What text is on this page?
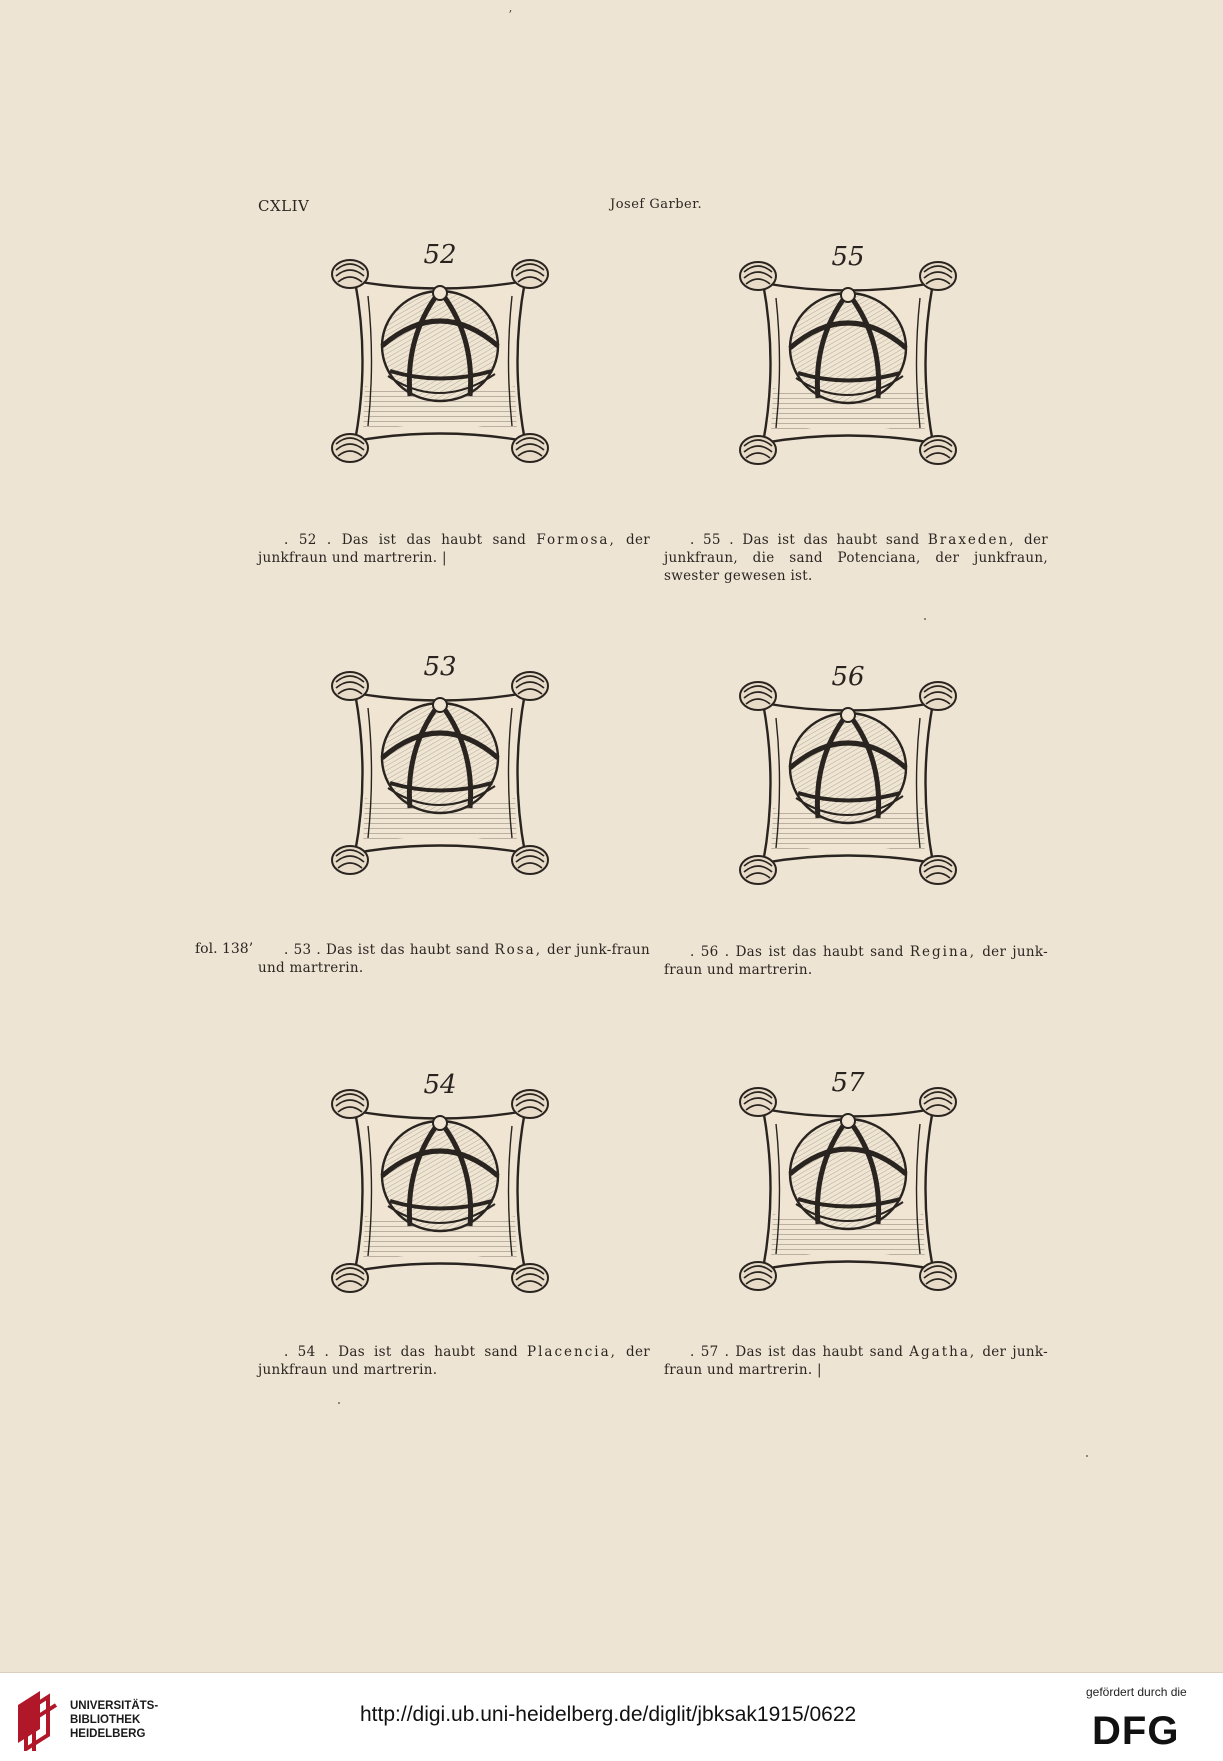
ʼ
CXLIV	Josef Garber.
52
. 52 . Das ist das haubt sand Formosa, der junkfraun und martrerin. |
55
. 55 . Das ist das haubt sand Braxeden, der junkfraun, die sand Potenciana, der junkfraun, swester gewesen ist.
53
fol. 138’	. 53 . Das ist das haubt sand Rosa, der junk-fraun und martrerin.
56
. 56 . Das ist das haubt sand Regina, der junk-fraun und martrerin.
54
. 54 . Das ist das haubt sand Placencia, der junkfraun und martrerin.
57
. 57 . Das ist das haubt sand Agatha, der junk-fraun und martrerin. |
UNIVERSITÄTS-
BIBLIOTHEK
HEIDELBERG
http://digi.ub.uni-heidelberg.de/diglit/jbksak1915/0622
gefördert durch die
DFG
